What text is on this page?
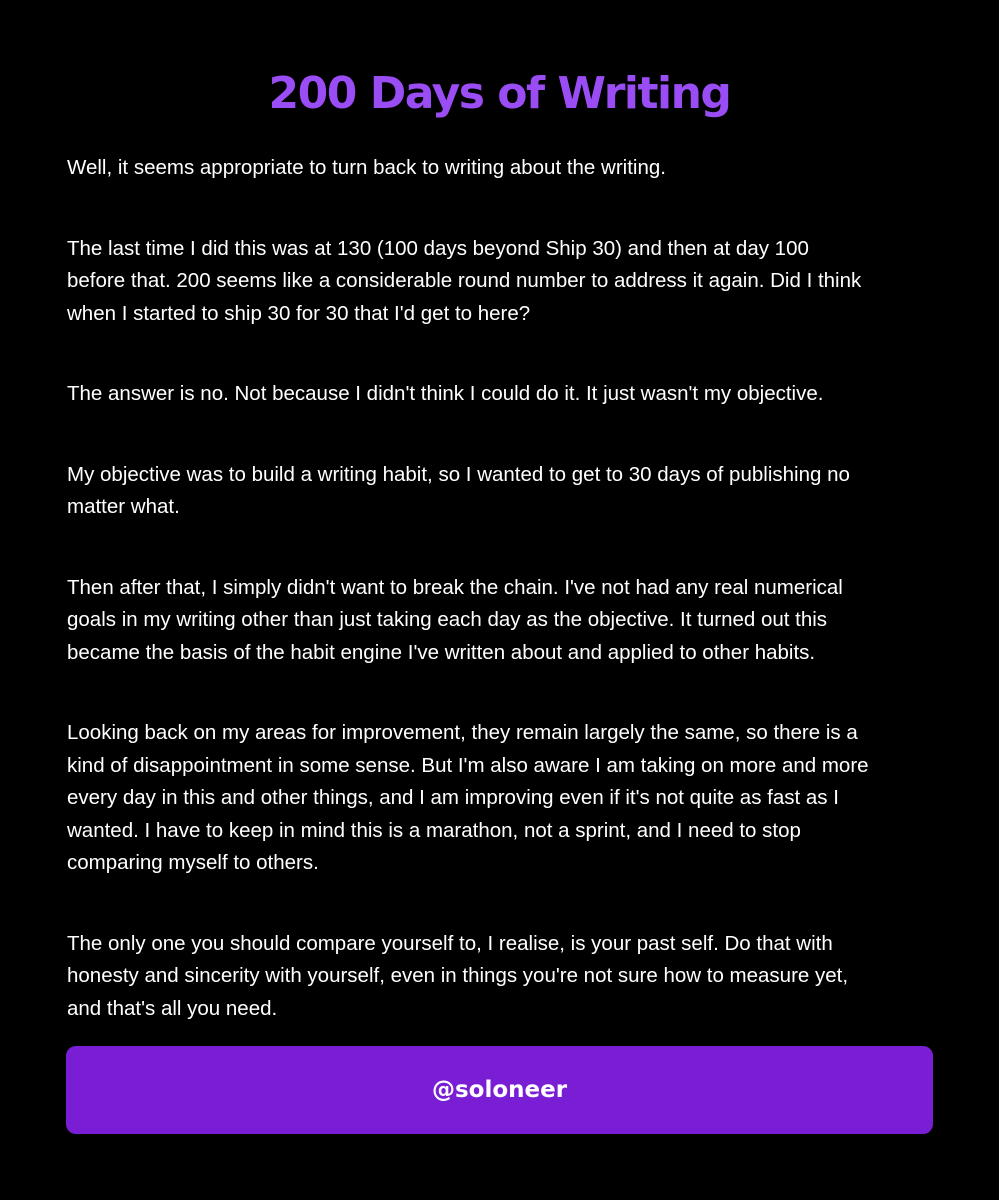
200 Days of Writing

Well, it seems appropriate to turn back to writing about the writing.

The last time I did this was at 130 (100 days beyond Ship 30) and then at day 100
before that. 200 seems like a considerable round number to address it again. Did I think
when I started to ship 30 for 30 that I'd get to here?

The answer is no. Not because I didn't think I could do it. It just wasn't my objective.

My objective was to build a writing habit, so I wanted to get to 30 days of publishing no
matter what.

Then after that, I simply didn't want to break the chain. I've not had any real numerical
goals in my writing other than just taking each day as the objective. It turned out this
became the basis of the habit engine I've written about and applied to other habits.

Looking back on my areas for improvement, they remain largely the same, so there is a
kind of disappointment in some sense. But I'm also aware I am taking on more and more
every day in this and other things, and I am improving even if it's not quite as fast as I
wanted. I have to keep in mind this is a marathon, not a sprint, and I need to stop
comparing myself to others.

The only one you should compare yourself to, I realise, is your past self. Do that with
honesty and sincerity with yourself, even in things you're not sure how to measure yet,
and that's all you need.

@soloneer
